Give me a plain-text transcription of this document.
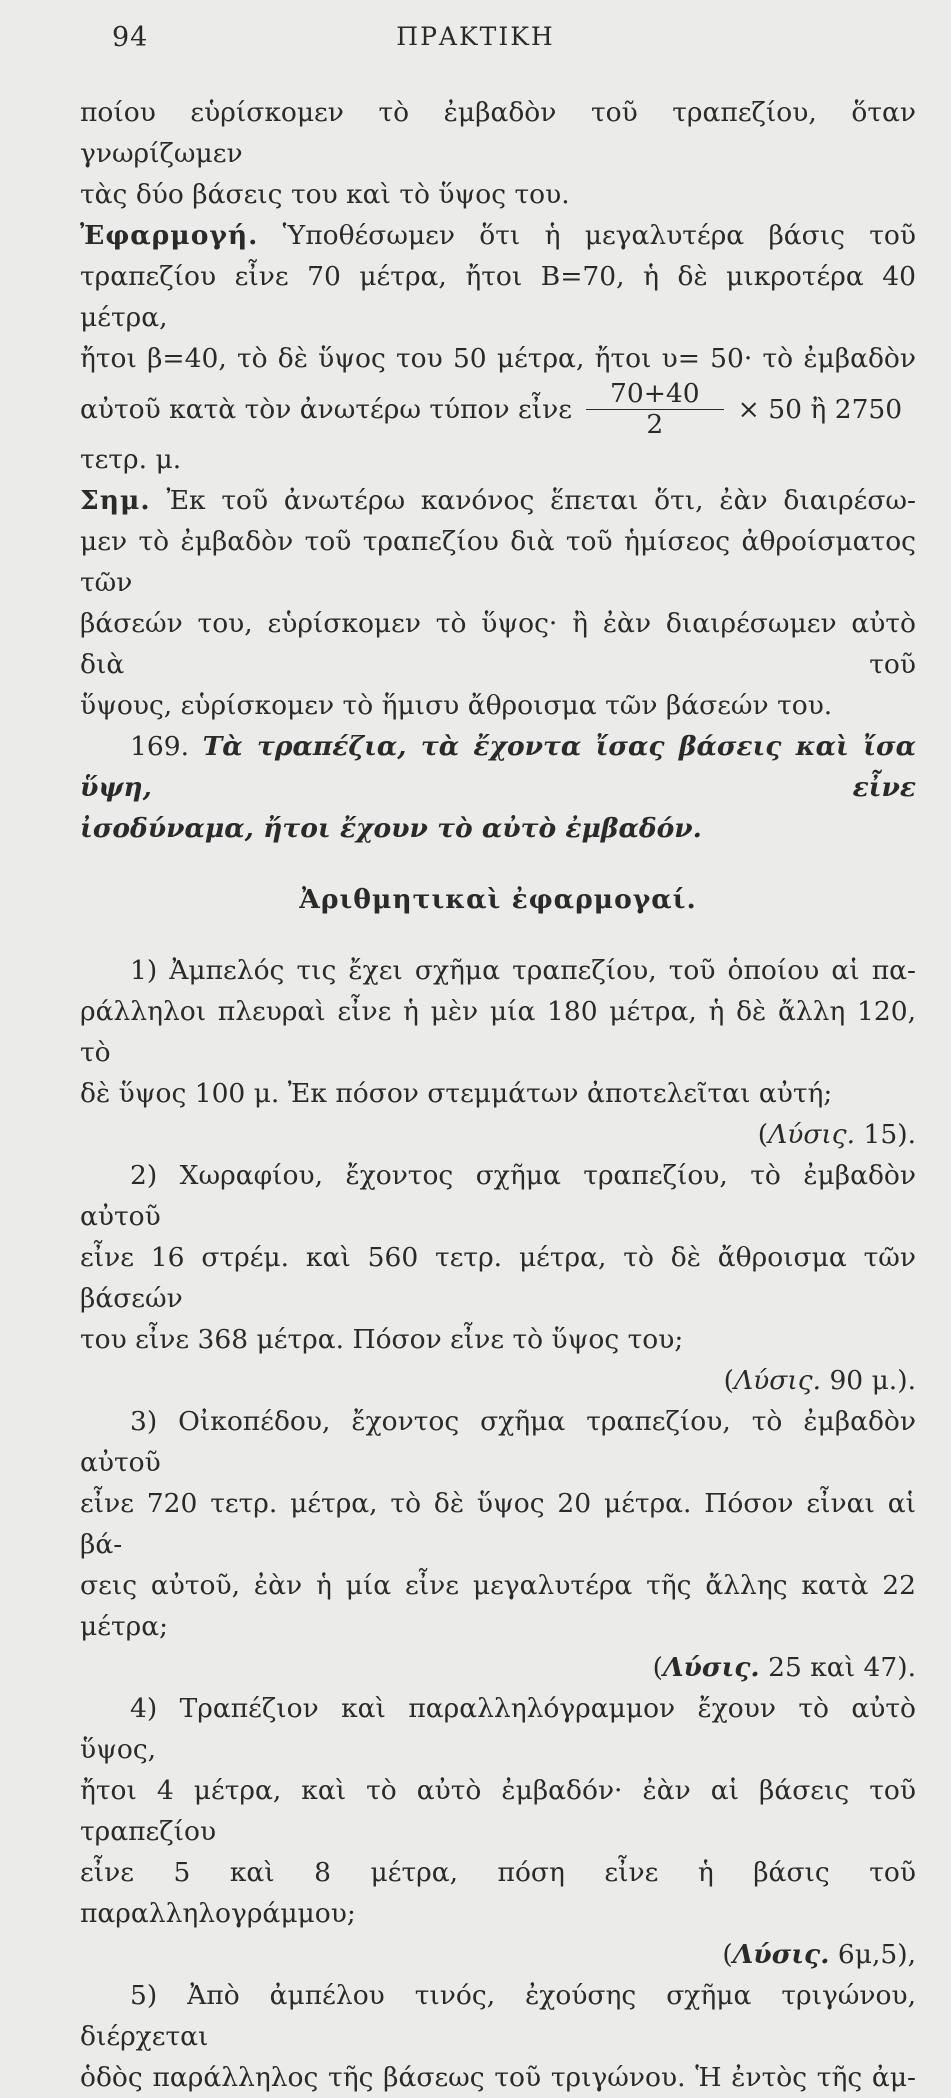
94	ΠΡΑΚΤΙΚΗ

ποίου εὑρίσκομεν τὸ ἐμβαδὸν τοῦ τραπεζίου, ὅταν γνωρίζωμεν

τὰς δύο βάσεις του καὶ τὸ ὕψος του.

Ἐφαρμογή. Ὑποθέσωμεν ὅτι ἡ μεγαλυτέρα βάσις τοῦ

τραπεζίου εἶνε 70 μέτρα, ἤτοι Β=70, ἡ δὲ μικροτέρα 40 μέτρα,

ἤτοι β=40, τὸ δὲ ὕψος του 50 μέτρα, ἤτοι υ= 50· τὸ ἐμβαδὸν

αὐτοῦ κατὰ τὸν ἀνωτέρω τύπον εἶνε $\frac{70+40}{2} \times 50$ ἢ 2750

τετρ. μ.

Σημ. Ἐκ τοῦ ἀνωτέρω κανόνος ἕπεται ὅτι, ἐὰν διαιρέσω-

μεν τὸ ἐμβαδὸν τοῦ τραπεζίου διὰ τοῦ ἡμίσεος ἀθροίσματος τῶν

βάσεών του, εὑρίσκομεν τὸ ὕψος· ἢ ἐὰν διαιρέσωμεν αὐτὸ διὰ τοῦ

ὕψους, εὑρίσκομεν τὸ ἥμισυ ἄθροισμα τῶν βάσεών του.

169. Τὰ τραπέζια, τὰ ἔχοντα ἴσας βάσεις καὶ ἴσα ὕψη, εἶνε

ἰσοδύναμα, ἤτοι ἔχουν τὸ αὐτὸ ἐμβαδόν.

Ἀριθμητικαὶ ἐφαρμογαί.

1) Ἀμπελός τις ἔχει σχῆμα τραπεζίου, τοῦ ὁποίου αἱ πα-

ράλληλοι πλευραὶ εἶνε ἡ μὲν μία 180 μέτρα, ἡ δὲ ἄλλη 120, τὸ

δὲ ὕψος 100 μ. Ἐκ πόσον στεμμάτων ἀποτελεῖται αὐτή;

(Λύσις. 15).

2) Χωραφίου, ἔχοντος σχῆμα τραπεζίου, τὸ ἐμβαδὸν αὐτοῦ

εἶνε 16 στρέμ. καὶ 560 τετρ. μέτρα, τὸ δὲ ἄθροισμα τῶν βάσεών

του εἶνε 368 μέτρα. Πόσον εἶνε τὸ ὕψος του;

(Λύσις. 90 μ.).

3) Οἰκοπέδου, ἔχοντος σχῆμα τραπεζίου, τὸ ἐμβαδὸν αὐτοῦ

εἶνε 720 τετρ. μέτρα, τὸ δὲ ὕψος 20 μέτρα. Πόσον εἶναι αἱ βά-

σεις αὐτοῦ, ἐὰν ἡ μία εἶνε μεγαλυτέρα τῆς ἄλλης κατὰ 22

μέτρα;

(Λύσις. 25 καὶ 47).

4) Τραπέζιον καὶ παραλληλόγραμμον ἔχουν τὸ αὐτὸ ὕψος,

ἤτοι 4 μέτρα, καὶ τὸ αὐτὸ ἐμβαδόν· ἐὰν αἱ βάσεις τοῦ τραπεζίου

εἶνε 5 καὶ 8 μέτρα, πόση εἶνε ἡ βάσις τοῦ παραλληλογράμμου;

(Λύσις. 6μ,5),

5) Ἀπὸ ἀμπέλου τινός, ἐχούσης σχῆμα τριγώνου, διέρχεται

ὁδὸς παράλληλος τῆς βάσεως τοῦ τριγώνου. Ἡ ἐντὸς τῆς ἀμ-
